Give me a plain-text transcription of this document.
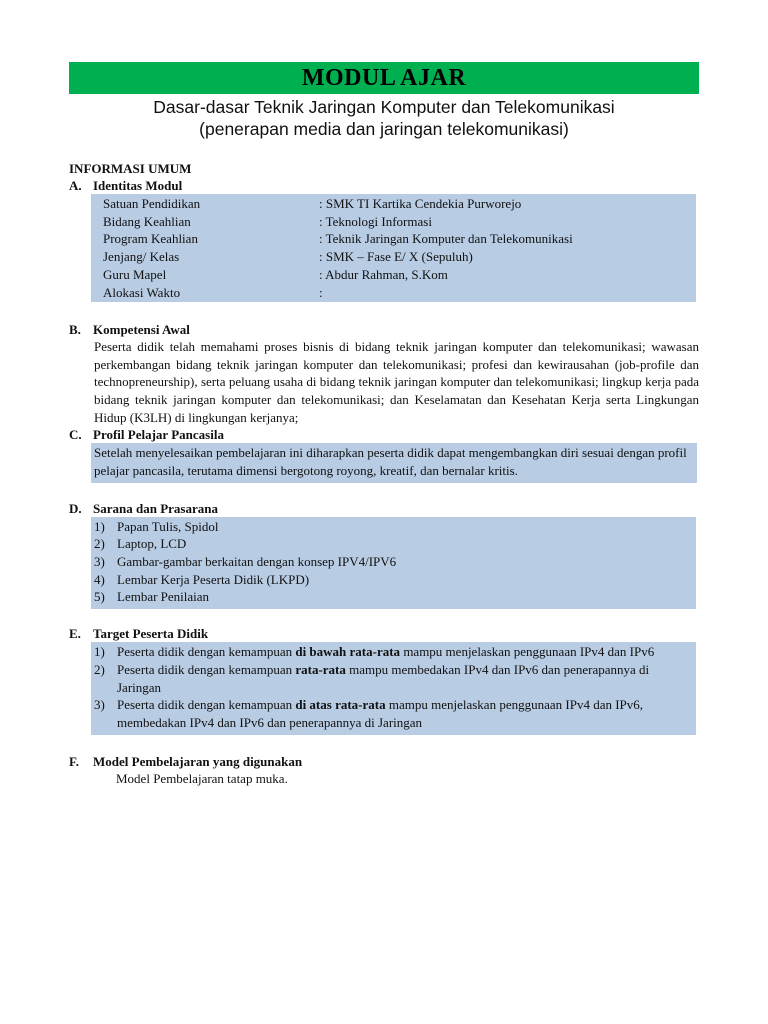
MODUL AJAR
Dasar-dasar Teknik Jaringan Komputer dan Telekomunikasi
(penerapan media dan jaringan telekomunikasi)
INFORMASI UMUM
A. Identitas Modul
Satuan Pendidikan	: SMK TI Kartika Cendekia Purworejo
Bidang Keahlian	: Teknologi Informasi
Program Keahlian	: Teknik Jaringan Komputer dan Telekomunikasi
Jenjang/ Kelas	: SMK – Fase E/ X (Sepuluh)
Guru Mapel	: Abdur Rahman, S.Kom
Alokasi Wakto	:
B. Kompetensi Awal
Peserta didik telah memahami proses bisnis di bidang teknik jaringan komputer dan telekomunikasi; wawasan perkembangan bidang teknik jaringan komputer dan telekomunikasi; profesi dan kewirausahan (job-profile dan technopreneurship), serta peluang usaha di bidang teknik jaringan komputer dan telekomunikasi; lingkup kerja pada bidang teknik jaringan komputer dan telekomunikasi; dan Keselamatan dan Kesehatan Kerja serta Lingkungan Hidup (K3LH) di lingkungan kerjanya;
C. Profil Pelajar Pancasila
Setelah menyelesaikan pembelajaran ini diharapkan peserta didik dapat mengembangkan diri sesuai dengan profil pelajar pancasila, terutama dimensi bergotong royong, kreatif, dan bernalar kritis.
D. Sarana dan Prasarana
1) Papan Tulis, Spidol
2) Laptop, LCD
3) Gambar-gambar berkaitan dengan konsep IPV4/IPV6
4) Lembar Kerja Peserta Didik (LKPD)
5) Lembar Penilaian
E. Target Peserta Didik
1) Peserta didik dengan kemampuan di bawah rata-rata mampu menjelaskan penggunaan IPv4 dan IPv6
2) Peserta didik dengan kemampuan rata-rata mampu membedakan IPv4 dan IPv6 dan penerapannya di Jaringan
3) Peserta didik dengan kemampuan di atas rata-rata mampu menjelaskan penggunaan IPv4 dan IPv6, membedakan IPv4 dan IPv6 dan penerapannya di Jaringan
F.	Model Pembelajaran yang digunakan
Model Pembelajaran tatap muka.
